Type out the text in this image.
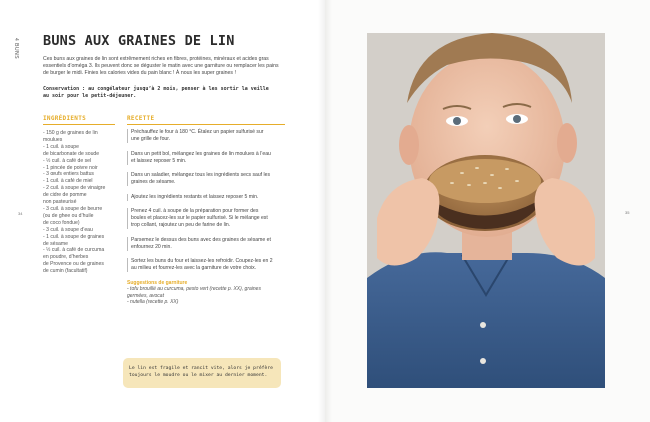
4 BUNS BUNS AUX GRAINES DE LIN
Ces buns aux graines de lin sont extrêmement riches en fibres, protéines, minéraux et acides gras
essentiels d’oméga 3. Ils peuvent donc se déguster le matin avec une garniture ou remplacer les pains
de burger le midi. Finies les calories vides du pain blanc ! À nous les super graines !
Conservation : au congélateur jusqu’à 2 mois, penser à les sortir la veille
au soir pour le petit-déjeuner.
INGRÉDIENTS	RECETTE

- 150 g de graines de lin

moulues

- 1 cuil. à soupe

de bicarbonate de soude

- ½ cuil. à café de sel

- 1 pincée de poivre noir

- 3 œufs entiers battus

- 1 cuil. à café de miel

- 2 cuil. à soupe de vinaigre

de cidre de pomme

non pasteurisé

- 3 cuil. à soupe de beurre

(ou de ghee ou d’huile

de coco fondue)

- 3 cuil. à soupe d’eau

- 1 cuil. à soupe de graines

de sésame

- ½ cuil. à café de curcuma

en poudre, d’herbes

de Provence ou de graines

de cumin (facultatif)

Préchauffez le four à 180 °C. Étalez un papier sulfurisé sur
une grille de four.
Dans un petit bol, mélangez les graines de lin moulues à l’eau
et laissez reposer 5 min.
Dans un saladier, mélangez tous les ingrédients secs sauf les
graines de sésame.
Ajoutez les ingrédients restants et laissez reposer 5 min.
Prenez 4 cuil. à soupe de la préparation pour former des
boules et placez-les sur le papier sulfurisé. Si le mélange est
trop collant, rajoutez un peu de farine de lin.
Parsemez le dessus des buns avec des graines de sésame et
enfournez 20 min.
Sortez les buns du four et laissez-les refroidir. Coupez-les en 2
au milieu et fourrez-les avec la garniture de votre choix.

Suggestions de garniture

- tofu brouillé au curcuma, pesto vert (recette p. XX), graines

germées, avocat

- nutella (recette p. XX)

Le lin est fragile et rancit vite, alors je préfère
toujours le moudre ou le mixer au dernier moment.
34	35
